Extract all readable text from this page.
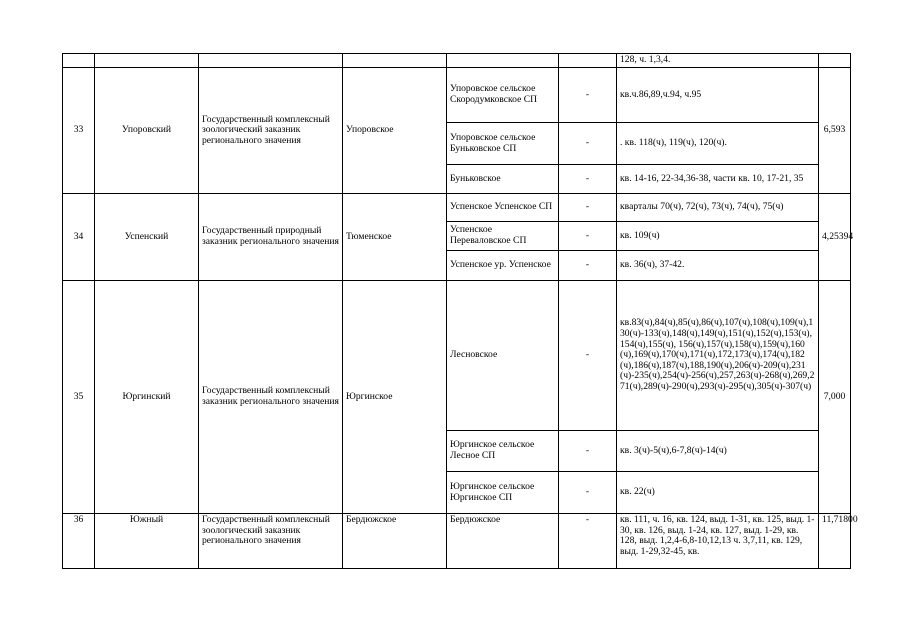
						128, ч. 1,3,4.	
33	Упоровский	Государственный комплексный зоологический заказник регионального значения	Упоровское	Упоровское сельское Скородумковское СП	-	кв.ч.86,89,ч.94, ч.95	6,593
				Упоровское сельское Буньковское СП	-	. кв. 118(ч), 119(ч), 120(ч).	
				Буньковское	-	кв. 14-16, 22-34,36-38, части кв. 10, 17-21, 35	
34	Успенский	Государственный природный заказник регионального значения	Тюменское	Успенское Успенское СП	-	кварталы 70(ч), 72(ч), 73(ч), 74(ч), 75(ч)	4,25394
				Успенское Переваловское СП	-	кв. 109(ч)	
				Успенское ур. Успенское	-	кв. 36(ч), 37-42.	
35	Юргинский	Государственный комплексный заказник регионального значения	Юргинское	Лесновское	-	кв.83(ч),84(ч),85(ч),86(ч),107(ч),108(ч),109(ч),130(ч)-133(ч),148(ч),149(ч),151(ч),152(ч),153(ч),154(ч),155(ч), 156(ч),157(ч),158(ч),159(ч),160(ч),169(ч),170(ч),171(ч),172,173(ч),174(ч),182(ч),186(ч),187(ч),188,190(ч),206(ч)-209(ч),231(ч)-235(ч),254(ч)-256(ч),257,263(ч)-268(ч),269,271(ч),289(ч)-290(ч),293(ч)-295(ч),305(ч)-307(ч)	7,000
				Юргинское сельское Лесное СП	-	кв. 3(ч)-5(ч),6-7,8(ч)-14(ч)	
				Юргинское сельское Юргинское СП	-	кв. 22(ч)	
36	Южный	Государственный комплексный зоологический заказник регионального значения	Бердюжское	Бердюжское	-	кв. 111, ч. 16, кв. 124, выд. 1-31, кв. 125, выд. 1-30, кв. 126, выд. 1-24, кв. 127, выд. 1-29, кв. 128, выд. 1,2,4-6,8-10,12,13 ч. 3,7,11, кв. 129, выд. 1-29,32-45, кв.	11,71800
